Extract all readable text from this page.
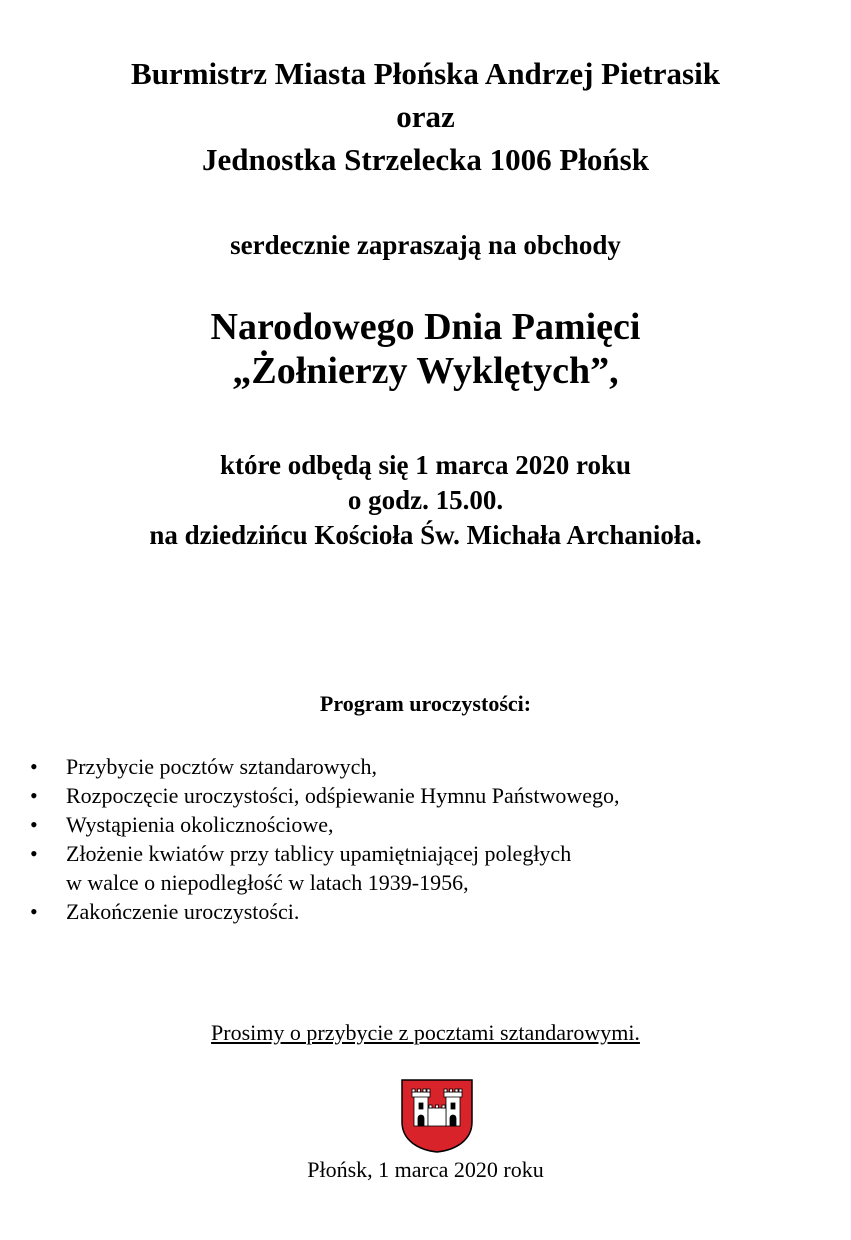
Burmistrz Miasta Płońska Andrzej Pietrasik

oraz

Jednostka Strzelecka 1006 Płońsk

serdecznie zapraszają na obchody

Narodowego Dnia Pamięci
„Żołnierzy Wyklętych”,

które odbędą się 1 marca 2020 roku

o godz. 15.00.

na dziedzińcu Kościoła Św. Michała Archanioła.

Program uroczystości:
• Przybycie pocztów sztandarowych,
• Rozpoczęcie uroczystości, odśpiewanie Hymnu Państwowego,
• Wystąpienia okolicznościowe,
• Złożenie kwiatów przy tablicy upamiętniającej poległych
w walce o niepodległość w latach 1939-1956,
• Zakończenie uroczystości.

Prosimy o przybycie z pocztami sztandarowymi.

Płońsk, 1 marca 2020 roku
